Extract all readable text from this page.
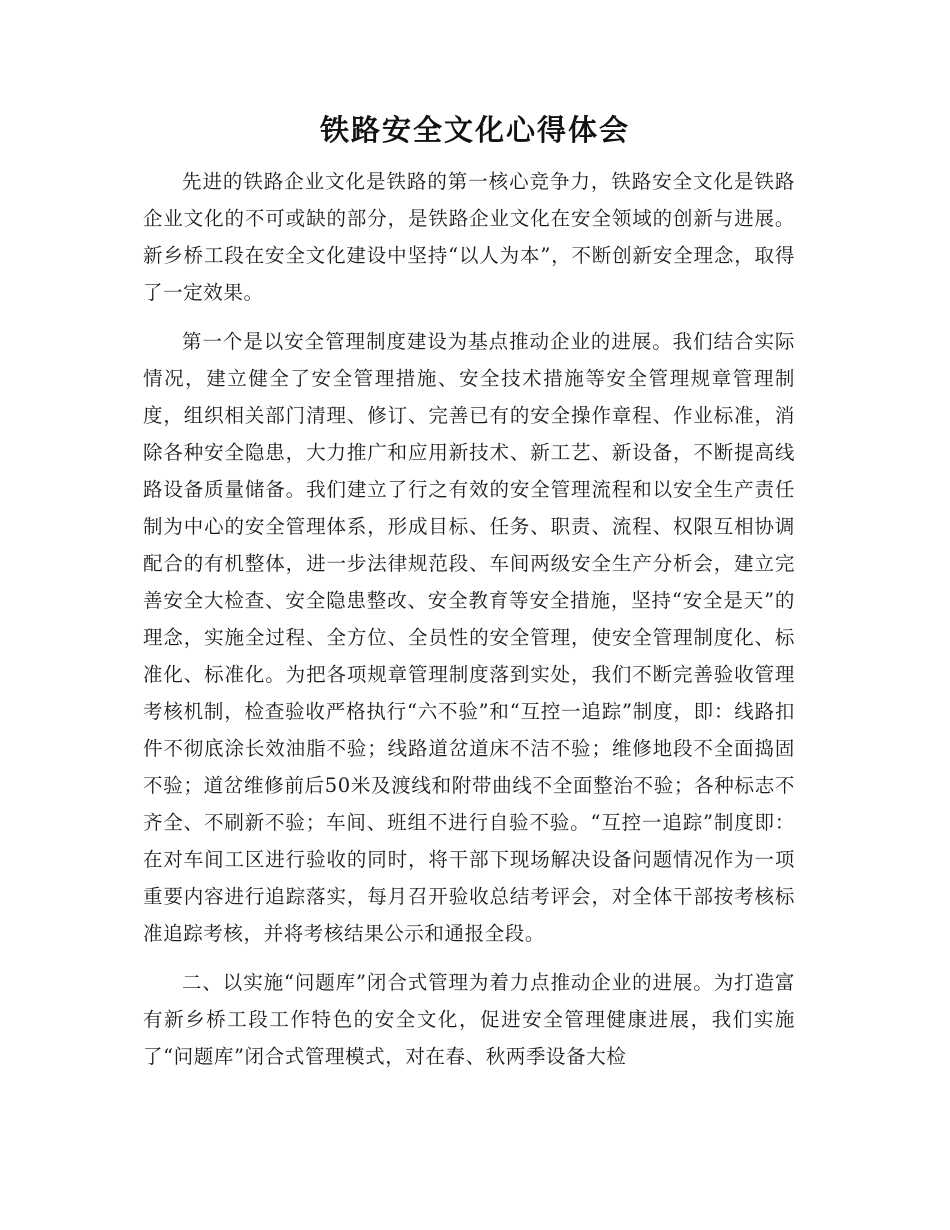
铁路安全文化心得体会

先进的铁路企业文化是铁路的第一核心竞争力，铁路安全文化是铁路企业文化的不可或缺的部分，是铁路企业文化在安全领域的创新与进展。新乡桥工段在安全文化建设中坚持“以人为本”，不断创新安全理念，取得了一定效果。

第一个是以安全管理制度建设为基点推动企业的进展。我们结合实际情况，建立健全了安全管理措施、安全技术措施等安全管理规章管理制度，组织相关部门清理、修订、完善已有的安全操作章程、作业标准，消除各种安全隐患，大力推广和应用新技术、新工艺、新设备，不断提高线路设备质量储备。我们建立了行之有效的安全管理流程和以安全生产责任制为中心的安全管理体系，形成目标、任务、职责、流程、权限互相协调配合的有机整体，进一步法律规范段、车间两级安全生产分析会，建立完善安全大检查、安全隐患整改、安全教育等安全措施，坚持“安全是天”的理念，实施全过程、全方位、全员性的安全管理，使安全管理制度化、标准化、标准化。为把各项规章管理制度落到实处，我们不断完善验收管理考核机制，检查验收严格执行“六不验”和“互控一追踪”制度，即：线路扣件不彻底涂长效油脂不验；线路道岔道床不洁不验；维修地段不全面捣固不验；道岔维修前后50米及渡线和附带曲线不全面整治不验；各种标志不齐全、不刷新不验；车间、班组不进行自验不验。“互控一追踪”制度即：在对车间工区进行验收的同时，将干部下现场解决设备问题情况作为一项重要内容进行追踪落实，每月召开验收总结考评会，对全体干部按考核标准追踪考核，并将考核结果公示和通报全段。

二、以实施“问题库”闭合式管理为着力点推动企业的进展。为打造富有新乡桥工段工作特色的安全文化，促进安全管理健康进展，我们实施了“问题库”闭合式管理模式，对在春、秋两季设备大检
